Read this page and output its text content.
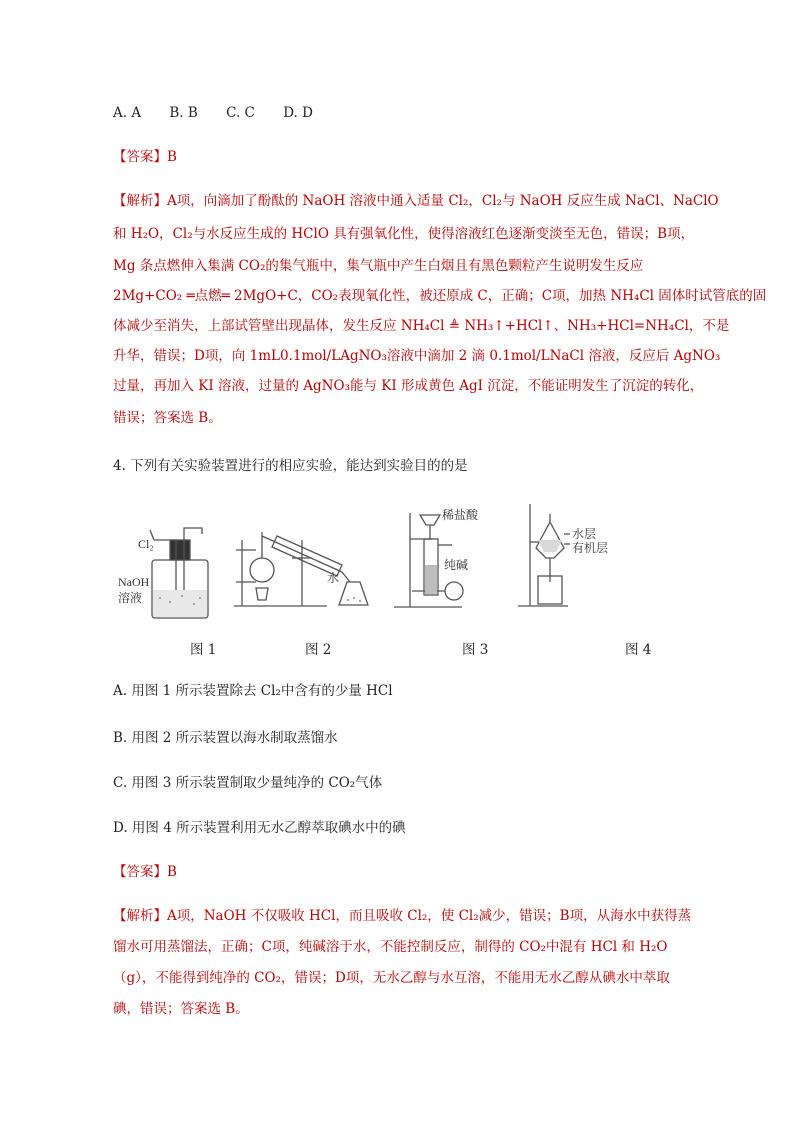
A. A B. B C. C D. D
【答案】B
【解析】A项，向滴加了酚酞的 NaOH 溶液中通入适量 Cl₂，Cl₂与 NaOH 反应生成 NaCl、NaClO
和 H₂O，Cl₂与水反应生成的 HClO 具有强氧化性，使得溶液红色逐渐变淡至无色，错误；B项，
Mg 条点燃伸入集满 CO₂的集气瓶中，集气瓶中产生白烟且有黑色颗粒产生说明发生反应
2Mg+CO₂ ═点燃═ 2MgO+C，CO₂表现氧化性，被还原成 C，正确；C项，加热 NH₄Cl 固体时试管底的固
体减少至消失，上部试管壁出现晶体，发生反应 NH₄Cl ≜ NH₃↑+HCl↑、NH₃+HCl=NH₄Cl，不是
升华，错误；D项，向 1mL0.1mol/LAgNO₃溶液中滴加 2 滴 0.1mol/LNaCl 溶液，反应后 AgNO₃
过量，再加入 KI 溶液，过量的 AgNO₃能与 KI 形成黄色 AgI 沉淀，不能证明发生了沉淀的转化，
错误；答案选 B。
4. 下列有关实验装置进行的相应实验，能达到实验目的的是
Cl₂
NaOH
溶液
水
稀盐酸
纯碱
水层
有机层
图 1	图 2	图 3	图 4
A. 用图 1 所示装置除去 Cl₂中含有的少量 HCl
B. 用图 2 所示装置以海水制取蒸馏水
C. 用图 3 所示装置制取少量纯净的 CO₂气体
D. 用图 4 所示装置利用无水乙醇萃取碘水中的碘
【答案】B
【解析】A项，NaOH 不仅吸收 HCl，而且吸收 Cl₂，使 Cl₂减少，错误；B项，从海水中获得蒸
馏水可用蒸馏法，正确；C项，纯碱溶于水，不能控制反应，制得的 CO₂中混有 HCl 和 H₂O
（g），不能得到纯净的 CO₂，错误；D项，无水乙醇与水互溶，不能用无水乙醇从碘水中萃取
碘，错误；答案选 B。
